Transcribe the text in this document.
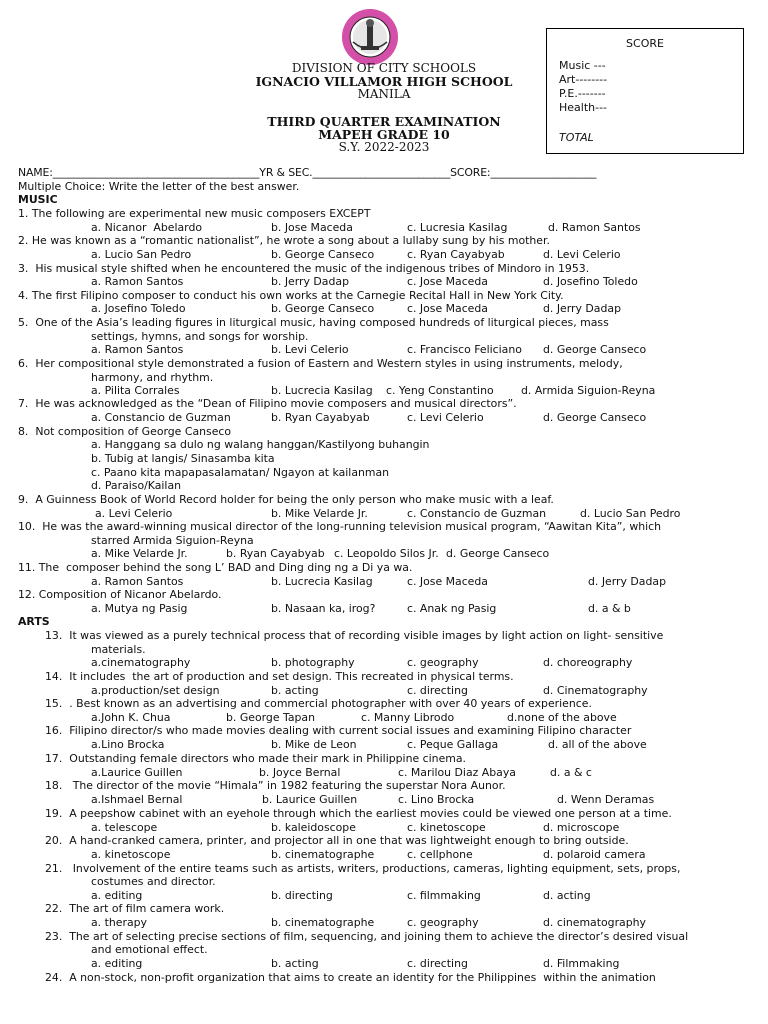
DIVISION OF CITY SCHOOLS
IGNACIO VILLAMOR HIGH SCHOOL
MANILA
THIRD QUARTER EXAMINATION
MAPEH GRADE 10
S.Y. 2022-2023
SCORE
Music ---
Art--------
P.E.-------
Health---
TOTAL
NAME:_______________________________________YR & SEC.__________________________SCORE:____________________
Multiple Choice: Write the letter of the best answer.
MUSIC
1. The following are experimental new music composers EXCEPT
a. Nicanor  Abelardo	b. Jose Maceda	c. Lucresia Kasilag	d. Ramon Santos
2. He was known as a “romantic nationalist”, he wrote a song about a lullaby sung by his mother.
a. Lucio San Pedro	b. George Canseco	c. Ryan Cayabyab	d. Levi Celerio
3.  His musical style shifted when he encountered the music of the indigenous tribes of Mindoro in 1953.
a. Ramon Santos	b. Jerry Dadap	c. Jose Maceda	d. Josefino Toledo
4. The first Filipino composer to conduct his own works at the Carnegie Recital Hall in New York City.
a. Josefino Toledo	b. George Canseco	c. Jose Maceda	d. Jerry Dadap
5.  One of the Asia’s leading figures in liturgical music, having composed hundreds of liturgical pieces, mass
settings, hymns, and songs for worship.
a. Ramon Santos	b. Levi Celerio	c. Francisco Feliciano d. George Canseco
6.  Her compositional style demonstrated a fusion of Eastern and Western styles in using instruments, melody,
harmony, and rhythm.
a. Pilita Corrales	b. Lucrecia Kasilag c. Yeng Constantino	d. Armida Siguion-Reyna
7.  He was acknowledged as the “Dean of Filipino movie composers and musical directors”.
a. Constancio de Guzman	b. Ryan Cayabyab	c. Levi Celerio	d. George Canseco
8.  Not composition of George Canseco
a. Hanggang sa dulo ng walang hanggan/Kastilyong buhangin
b. Tubig at langis/ Sinasamba kita
c. Paano kita mapapasalamatan/ Ngayon at kailanman
d. Paraiso/Kailan
9.  A Guinness Book of World Record holder for being the only person who make music with a leaf.
a. Levi Celerio	b. Mike Velarde Jr.	c. Constancio de Guzman	d. Lucio San Pedro
10.  He was the award-winning musical director of the long-running television musical program, “Aawitan Kita”, which
starred Armida Siguion-Reyna
a. Mike Velarde Jr.	b. Ryan Cayabyab c. Leopoldo Silos Jr. d. George Canseco
11. The  composer behind the song L’ BAD and Ding ding ng a Di ya wa.
a. Ramon Santos	b. Lucrecia Kasilag	c. Jose Maceda	d. Jerry Dadap
12. Composition of Nicanor Abelardo.
a. Mutya ng Pasig	b. Nasaan ka, irog?	c. Anak ng Pasig	d. a & b
ARTS
13.  It was viewed as a purely technical process that of recording visible images by light action on light- sensitive
materials.
a.cinematography	b. photography	c. geography	d. choreography
14.  It includes  the art of production and set design. This recreated in physical terms.
a.production/set design	b. acting	c. directing	d. Cinematography
15.  . Best known as an advertising and commercial photographer with over 40 years of experience.
a.John K. Chua	b. George Tapan	c. Manny Librodo	d.none of the above
16.  Filipino director/s who made movies dealing with current social issues and examining Filipino character
a.Lino Brocka	b. Mike de Leon	c. Peque Gallaga	d. all of the above
17.  Outstanding female directors who made their mark in Philippine cinema.
a.Laurice Guillen	b. Joyce Bernal	c. Marilou Diaz Abaya	d. a & c
18.   The director of the movie “Himala” in 1982 featuring the superstar Nora Aunor.
a.Ishmael Bernal	b. Laurice Guillen	c. Lino Brocka	d. Wenn Deramas
19.  A peepshow cabinet with an eyehole through which the earliest movies could be viewed one person at a time.
a. telescope	b. kaleidoscope	c. kinetoscope	d. microscope
20.  A hand-cranked camera, printer, and projector all in one that was lightweight enough to bring outside.
a. kinetoscope	b. cinematographe	c. cellphone	d. polaroid camera
21.   Involvement of the entire teams such as artists, writers, productions, cameras, lighting equipment, sets, props,
costumes and director.
a. editing	b. directing	c. filmmaking	d. acting
22.  The art of film camera work.
a. therapy	b. cinematographe	c. geography	d. cinematography
23.  The art of selecting precise sections of film, sequencing, and joining them to achieve the director’s desired visual
and emotional effect.
a. editing	b. acting	c. directing	d. Filmmaking
24.  A non-stock, non-profit organization that aims to create an identity for the Philippines  within the animation
